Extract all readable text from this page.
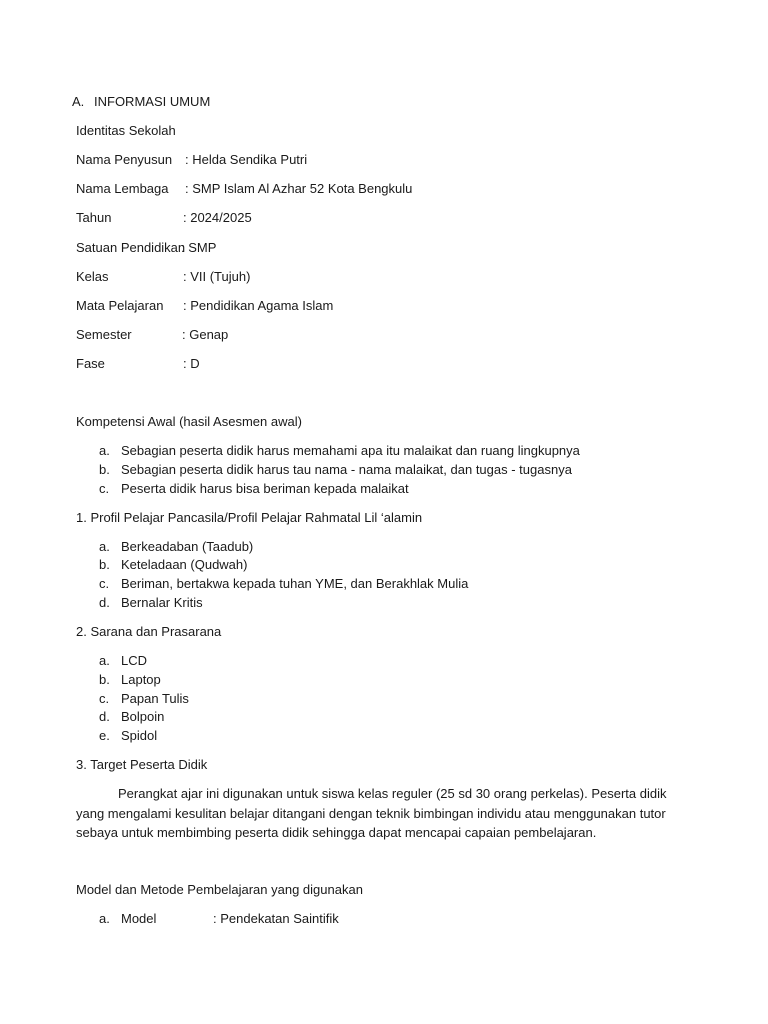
A. INFORMASI UMUM
Identitas Sekolah
Nama Penyusun : Helda Sendika Putri
Nama Lembaga : SMP Islam Al Azhar 52 Kota Bengkulu
Tahun	: 2024/2025
Satuan Pendidikan
: SMP
Kelas	: VII (Tujuh)
Mata Pelajaran : Pendidikan Agama Islam
Semester	: Genap
Fase	: D
Kompetensi Awal (hasil Asesmen awal)
a. Sebagian peserta didik harus memahami apa itu malaikat dan ruang lingkupnya
b. Sebagian peserta didik harus tau nama - nama malaikat, dan tugas - tugasnya
c. Peserta didik harus bisa beriman kepada malaikat
1. Profil Pelajar Pancasila/Profil Pelajar Rahmatal Lil ‘alamin
a. Berkeadaban (Taadub)
b. Keteladaan (Qudwah)
c. Beriman, bertakwa kepada tuhan YME, dan Berakhlak Mulia
d. Bernalar Kritis
2. Sarana dan Prasarana
a. LCD
b. Laptop
c. Papan Tulis
d. Bolpoin
e. Spidol
3. Target Peserta Didik
Perangkat ajar ini digunakan untuk siswa kelas reguler (25 sd 30 orang perkelas). Peserta didik yang mengalami kesulitan belajar ditangani dengan teknik bimbingan individu atau menggunakan tutor sebaya untuk membimbing peserta didik sehingga dapat mencapai capaian pembelajaran.
Model dan Metode Pembelajaran yang digunakan
a. Model	: Pendekatan Saintifik
